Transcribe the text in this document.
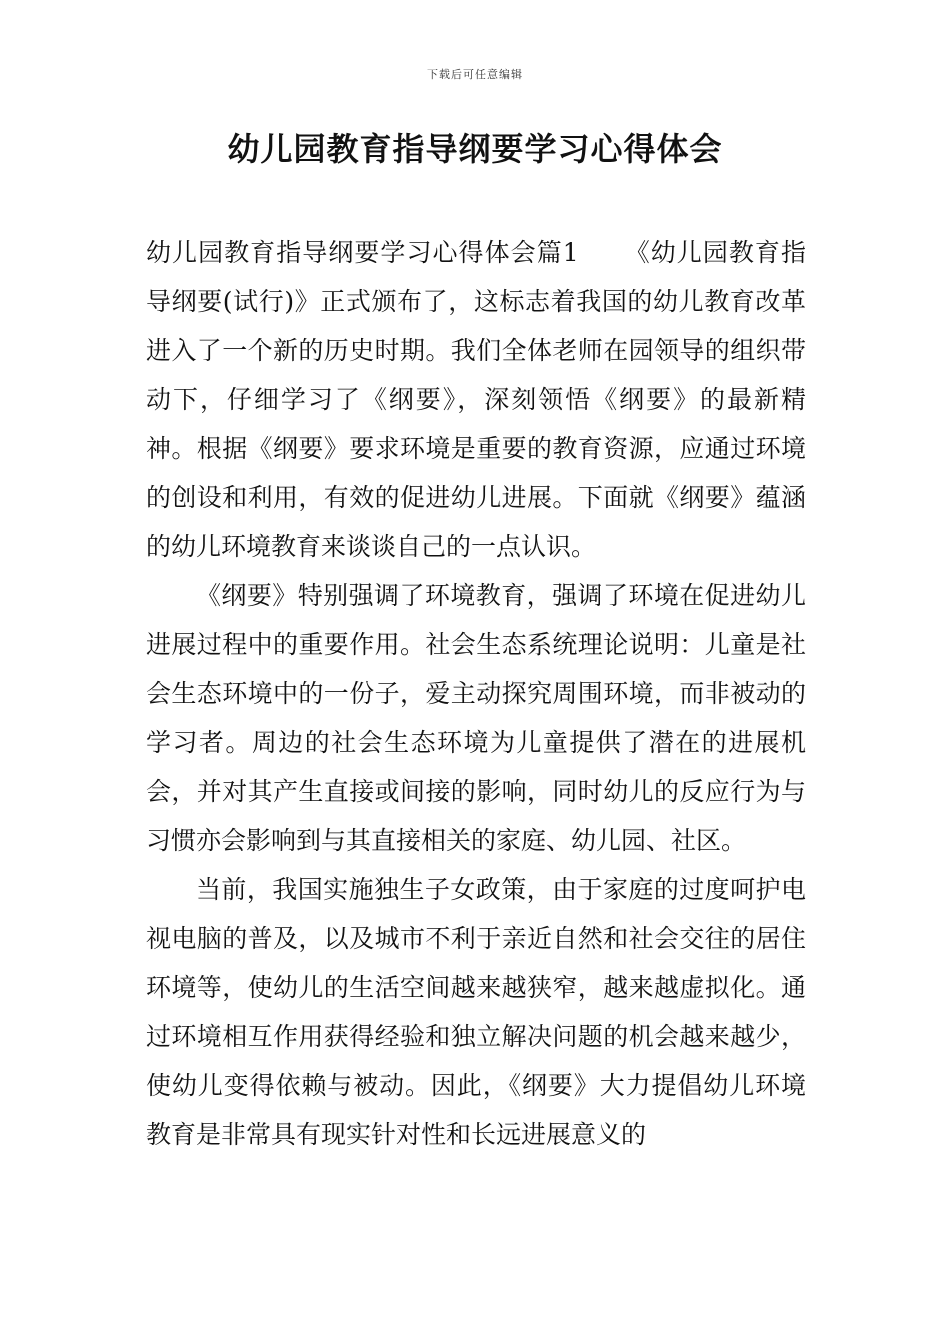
下载后可任意编辑
幼儿园教育指导纲要学习心得体会

幼儿园教育指导纲要学习心得体会篇1 《幼儿园教育指导纲要(试行)》正式颁布了，这标志着我国的幼儿教育改革进入了一个新的历史时期。我们全体老师在园领导的组织带动下，仔细学习了《纲要》，深刻领悟《纲要》的最新精神。根据《纲要》要求环境是重要的教育资源，应通过环境的创设和利用，有效的促进幼儿进展。下面就《纲要》蕴涵的幼儿环境教育来谈谈自己的一点认识。

《纲要》特别强调了环境教育，强调了环境在促进幼儿进展过程中的重要作用。社会生态系统理论说明：儿童是社会生态环境中的一份子，爱主动探究周围环境，而非被动的学习者。周边的社会生态环境为儿童提供了潜在的进展机会，并对其产生直接或间接的影响，同时幼儿的反应行为与习惯亦会影响到与其直接相关的家庭、幼儿园、社区。

当前，我国实施独生子女政策，由于家庭的过度呵护电视电脑的普及，以及城市不利于亲近自然和社会交往的居住环境等，使幼儿的生活空间越来越狭窄，越来越虚拟化。通过环境相互作用获得经验和独立解决问题的机会越来越少，使幼儿变得依赖与被动。因此，《纲要》大力提倡幼儿环境教育是非常具有现实针对性和长远进展意义的
